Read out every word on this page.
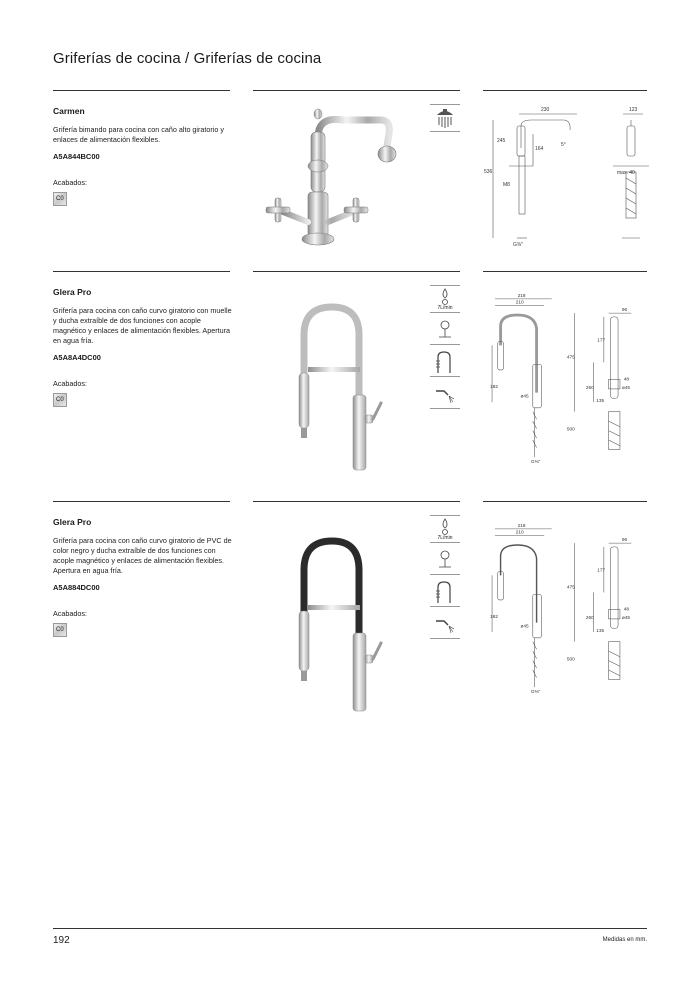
Griferías de cocina / Griferías de cocina
Carmen
Grifería bimando para cocina con caño alto giratorio y enlaces de alimentación flexibles.
A5A844BC00
Acabados:
C0
230	123
245
164
536
M8
max. 40
G⅜"
5°
Glera Pro
Grifería para cocina con caño curvo giratorio con muelle y ducha extraíble de dos funciones con acople magnético y enlaces de alimentación flexibles. Apertura en agua fría.
A5A8A4DC00
Acabados:
C0
7L/min
218
210
96
177
475
182	260
135
500
ø45
ø45
48
G⅜"
Glera Pro
Grifería para cocina con caño curvo giratorio de PVC de color negro y ducha extraíble de dos funciones con acople magnético y enlaces de alimentación flexibles. Apertura en agua fría.
A5A884DC00
Acabados:
C0
7L/min
218
210
96
177
475
182	260
135
500
ø45
ø45
48
G⅜"
192	Medidas en mm.
